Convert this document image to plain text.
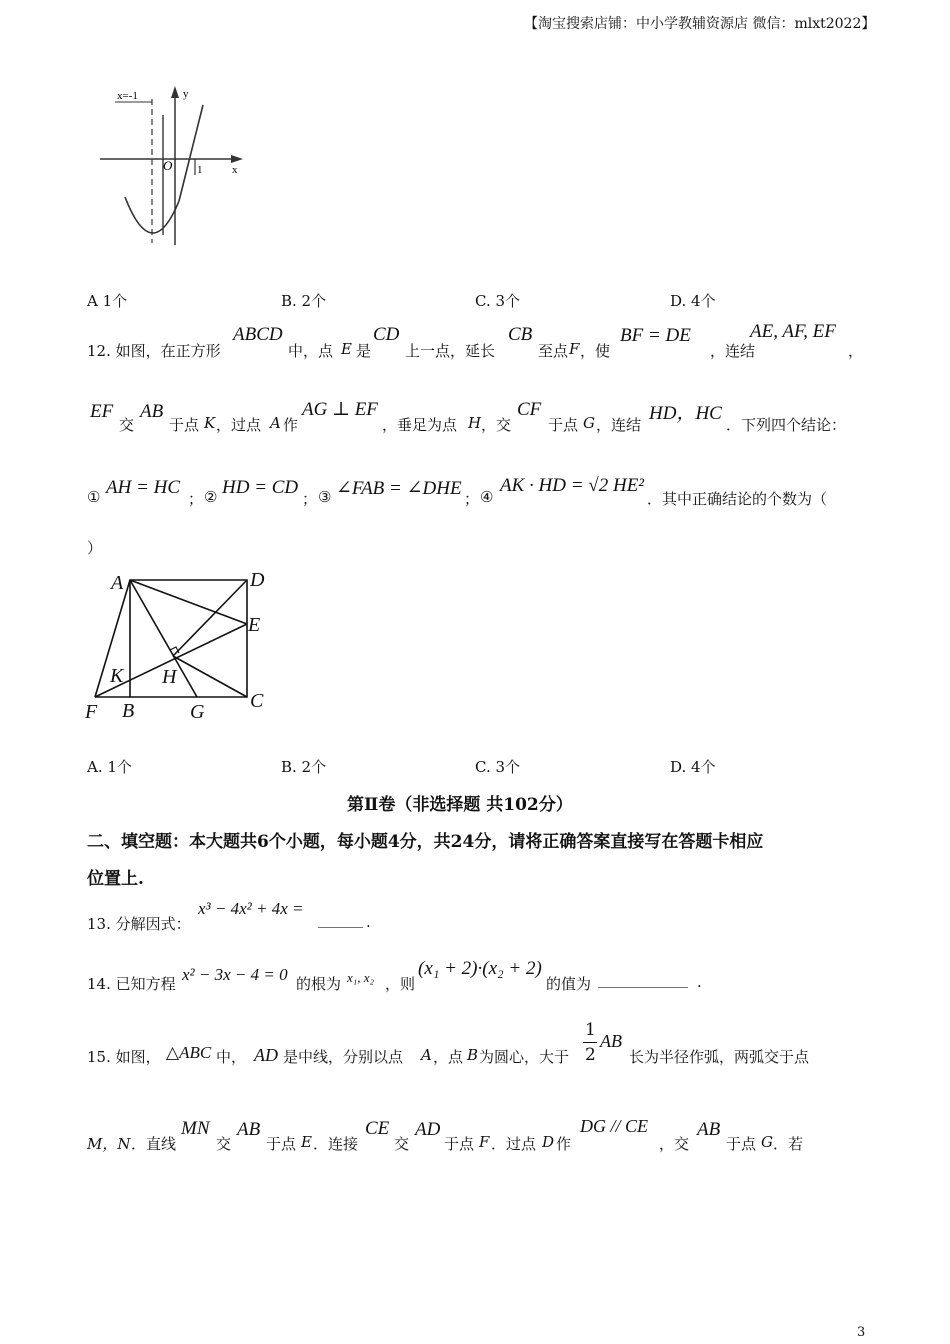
【淘宝搜索店铺：中小学教辅资源店 微信：mlxt2022】
x=-1	y
x
O 1
A 1个	B. 2个	C. 3个	D. 4个
12. 如图，在正方形
ABCD
中，点 E 是
CD
上一点，延长
CB
至点 F ，使
BF = DE
，连结
AE, AF, EF
，
EF
交
AB
于点 K ，过点 A 作
AG ⊥ EF
，垂足为点 H ，交
CF
于点 G ，连结
HD，HC
．下列四个结论：
① AH = HC
； ② HD = CD
； ③ ∠FAB = ∠DHE ； ④
AK · HD = √2 HE²
．其中正确结论的个数为（
）
A	D
E
K H
F B	G C
A. 1个	B. 2个	C. 3个	D. 4个
第Ⅱ卷（非选择题 共102分）
二、填空题：本大题共6个小题，每小题4分，共24分，请将正确答案直接写在答题卡相应
位置上.
13. 分解因式：
x³ − 4x² + 4x =
______ .
14. 已知方程 x² − 3x − 4 = 0 的根为 x₁, x₂ ，则
(x₁ + 2)·(x₂ + 2)
的值为 ____________ .
15. 如图， △ABC 中， AD 是中线，分别以点 A ，点 B 为圆心，大于
1
2
AB
长为半径作弧，两弧交于点
M，N ．直线
MN
交
AB
于点 E ．连接
CE
交
AD
于点 F ．过点 D 作
DG // CE
，交
AB
于点 G ．若
3
